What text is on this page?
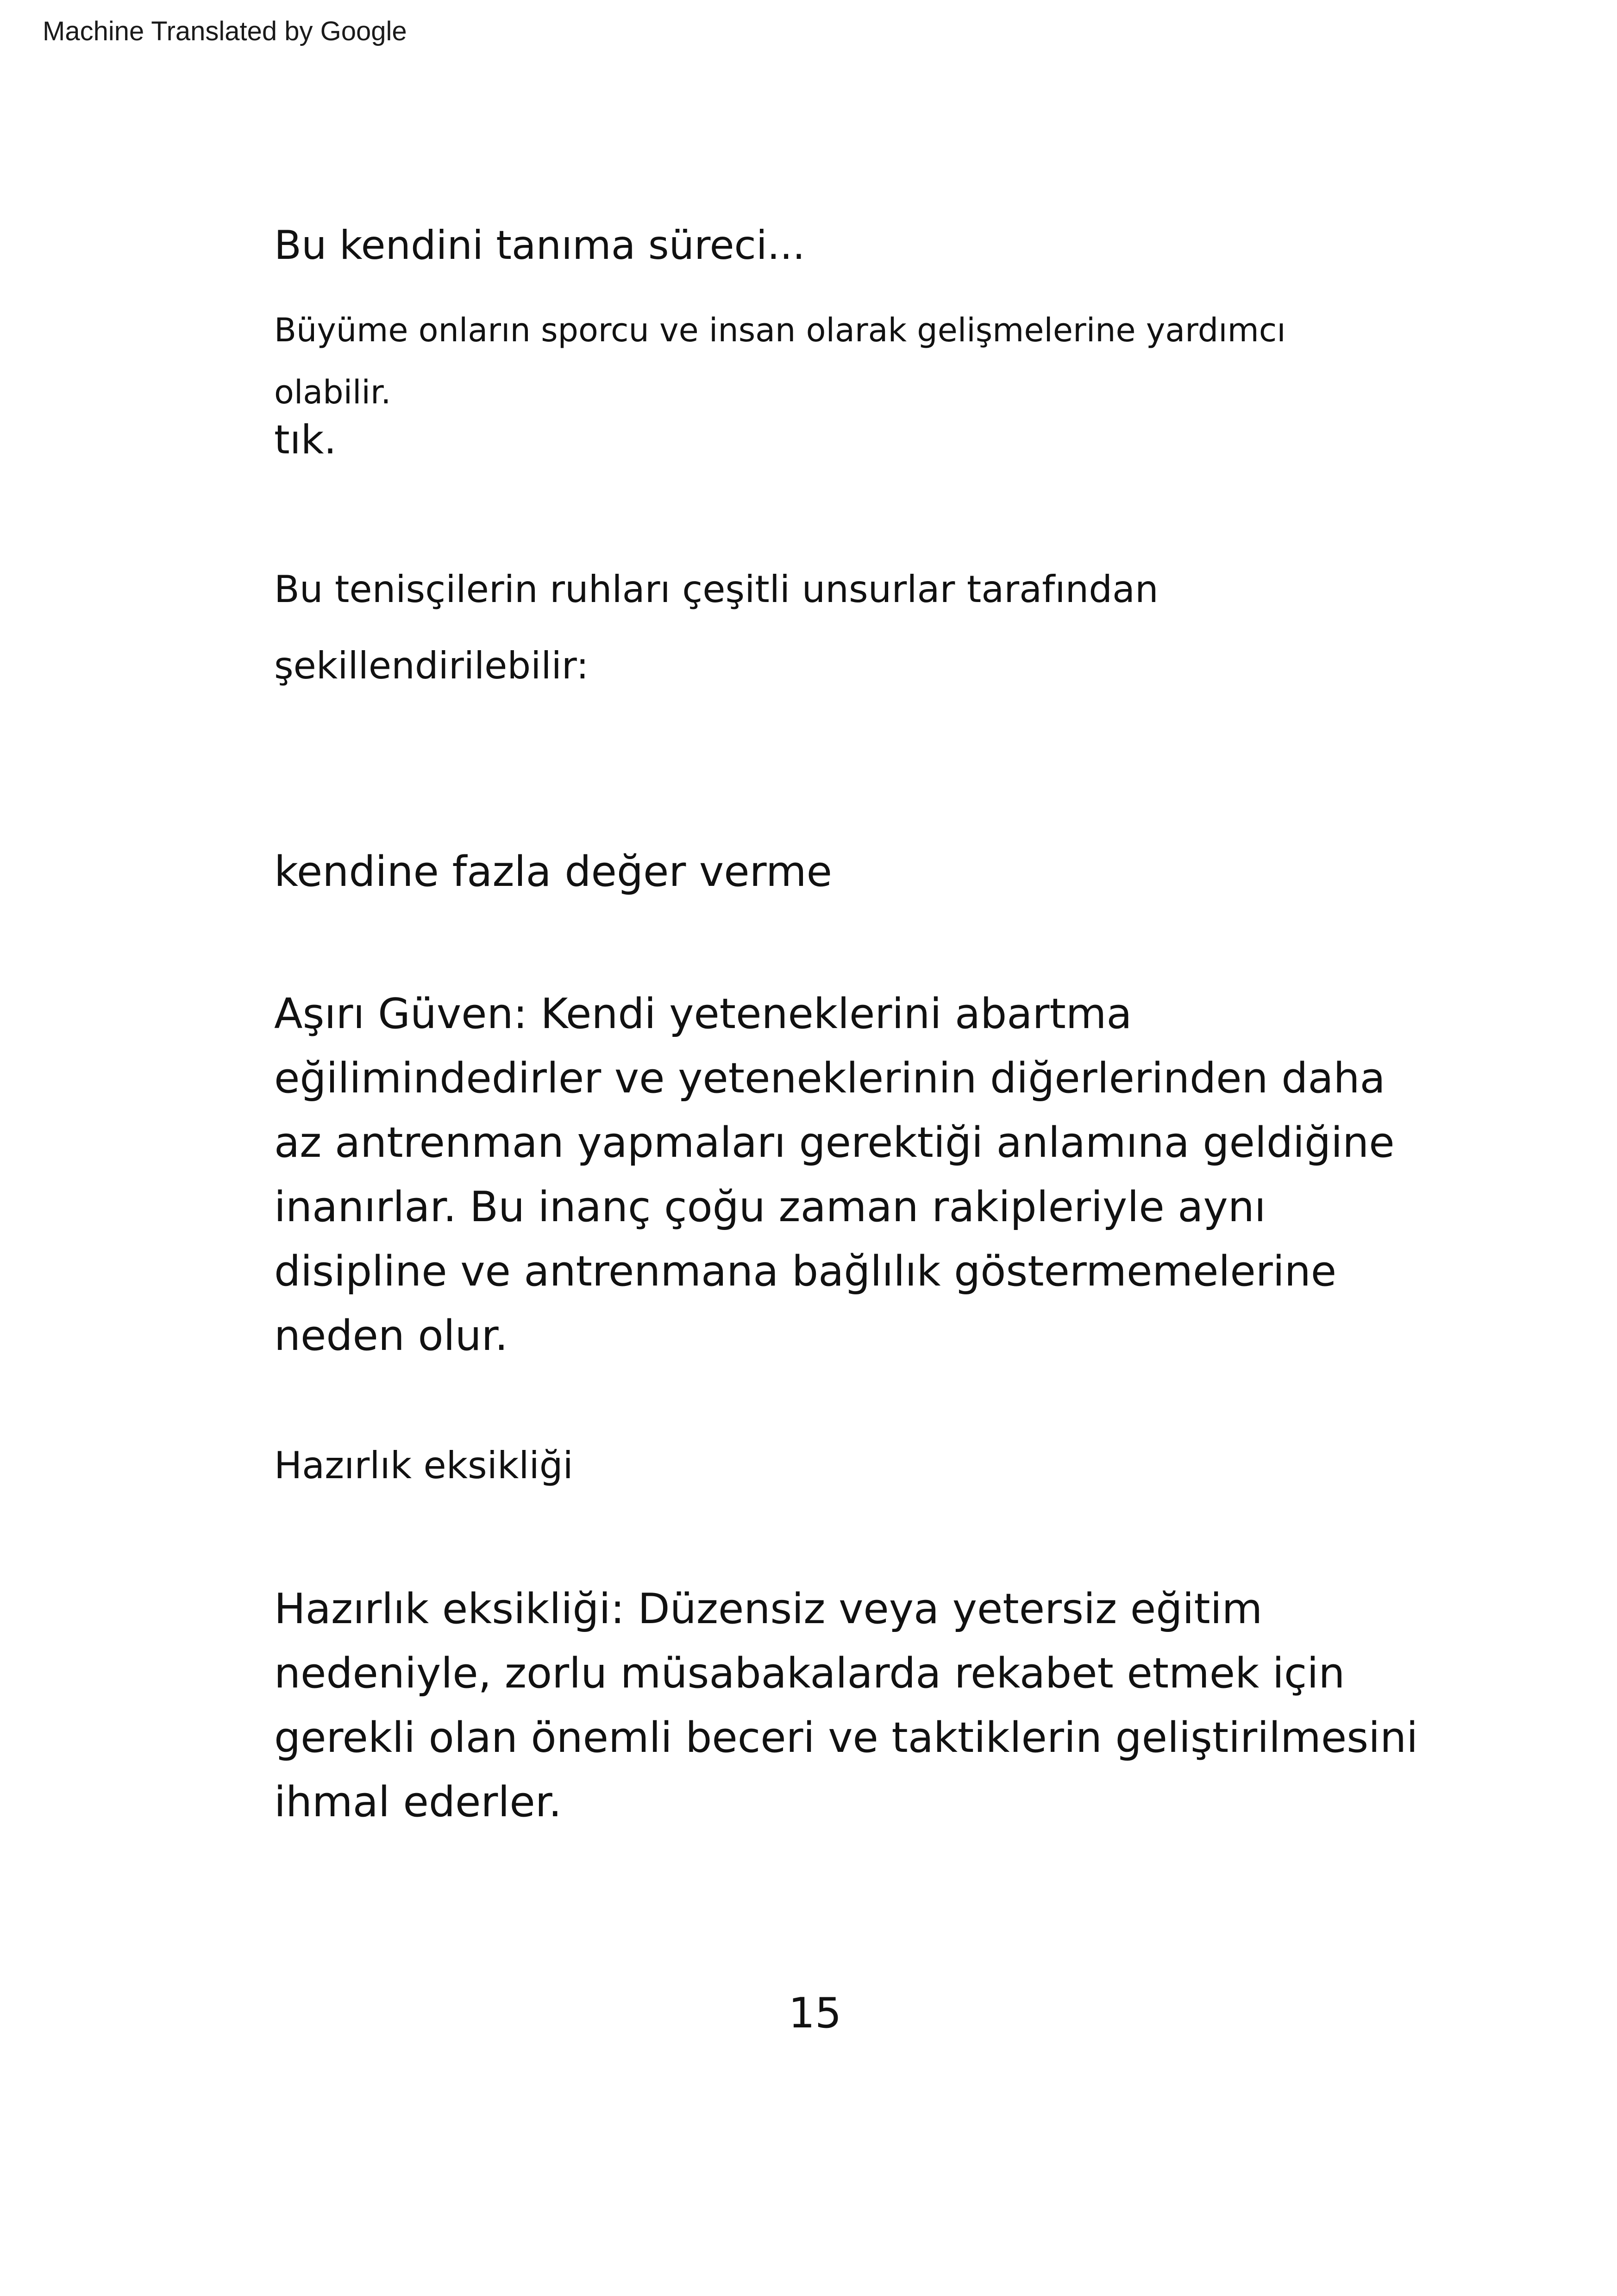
Machine Translated by Google

Bu kendini tanıma süreci...

Büyüme onların sporcu ve insan olarak gelişmelerine yardımcı
olabilir.

tık.

Bu tenisçilerin ruhları çeşitli unsurlar tarafından
şekillendirilebilir:
kendine fazla değer verme
Aşırı Güven: Kendi yeteneklerini abartma
eğilimindedirler ve yeteneklerinin diğerlerinden daha
az antrenman yapmaları gerektiği anlamına geldiğine
inanırlar. Bu inanç çoğu zaman rakipleriyle aynı
disipline ve antrenmana bağlılık göstermemelerine
neden olur.
Hazırlık eksikliği
Hazırlık eksikliği: Düzensiz veya yetersiz eğitim
nedeniyle, zorlu müsabakalarda rekabet etmek için
gerekli olan önemli beceri ve taktiklerin geliştirilmesini
ihmal ederler.
15
